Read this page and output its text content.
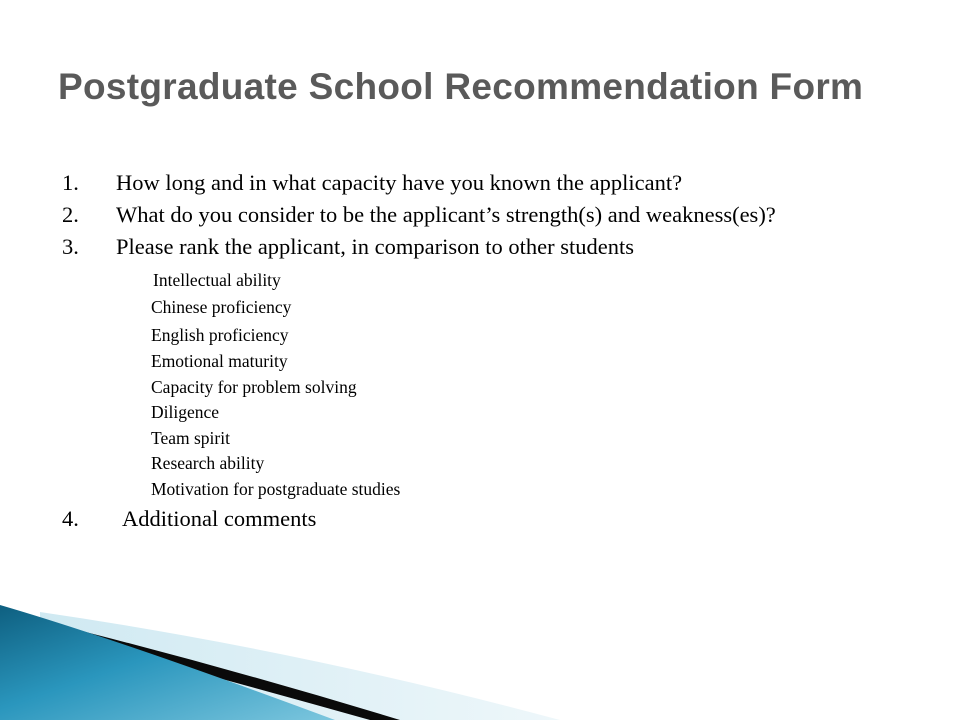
Postgraduate School Recommendation Form
1. How long and in what capacity have you known the applicant?
2. What do you consider to be the applicant’s strength(s) and weakness(es)?
3. Please rank the applicant, in comparison to other students
Intellectual ability
Chinese proficiency
English proficiency
Emotional maturity
Capacity for problem solving
Diligence
Team spirit
Research ability
Motivation for postgraduate studies
4. Additional comments
